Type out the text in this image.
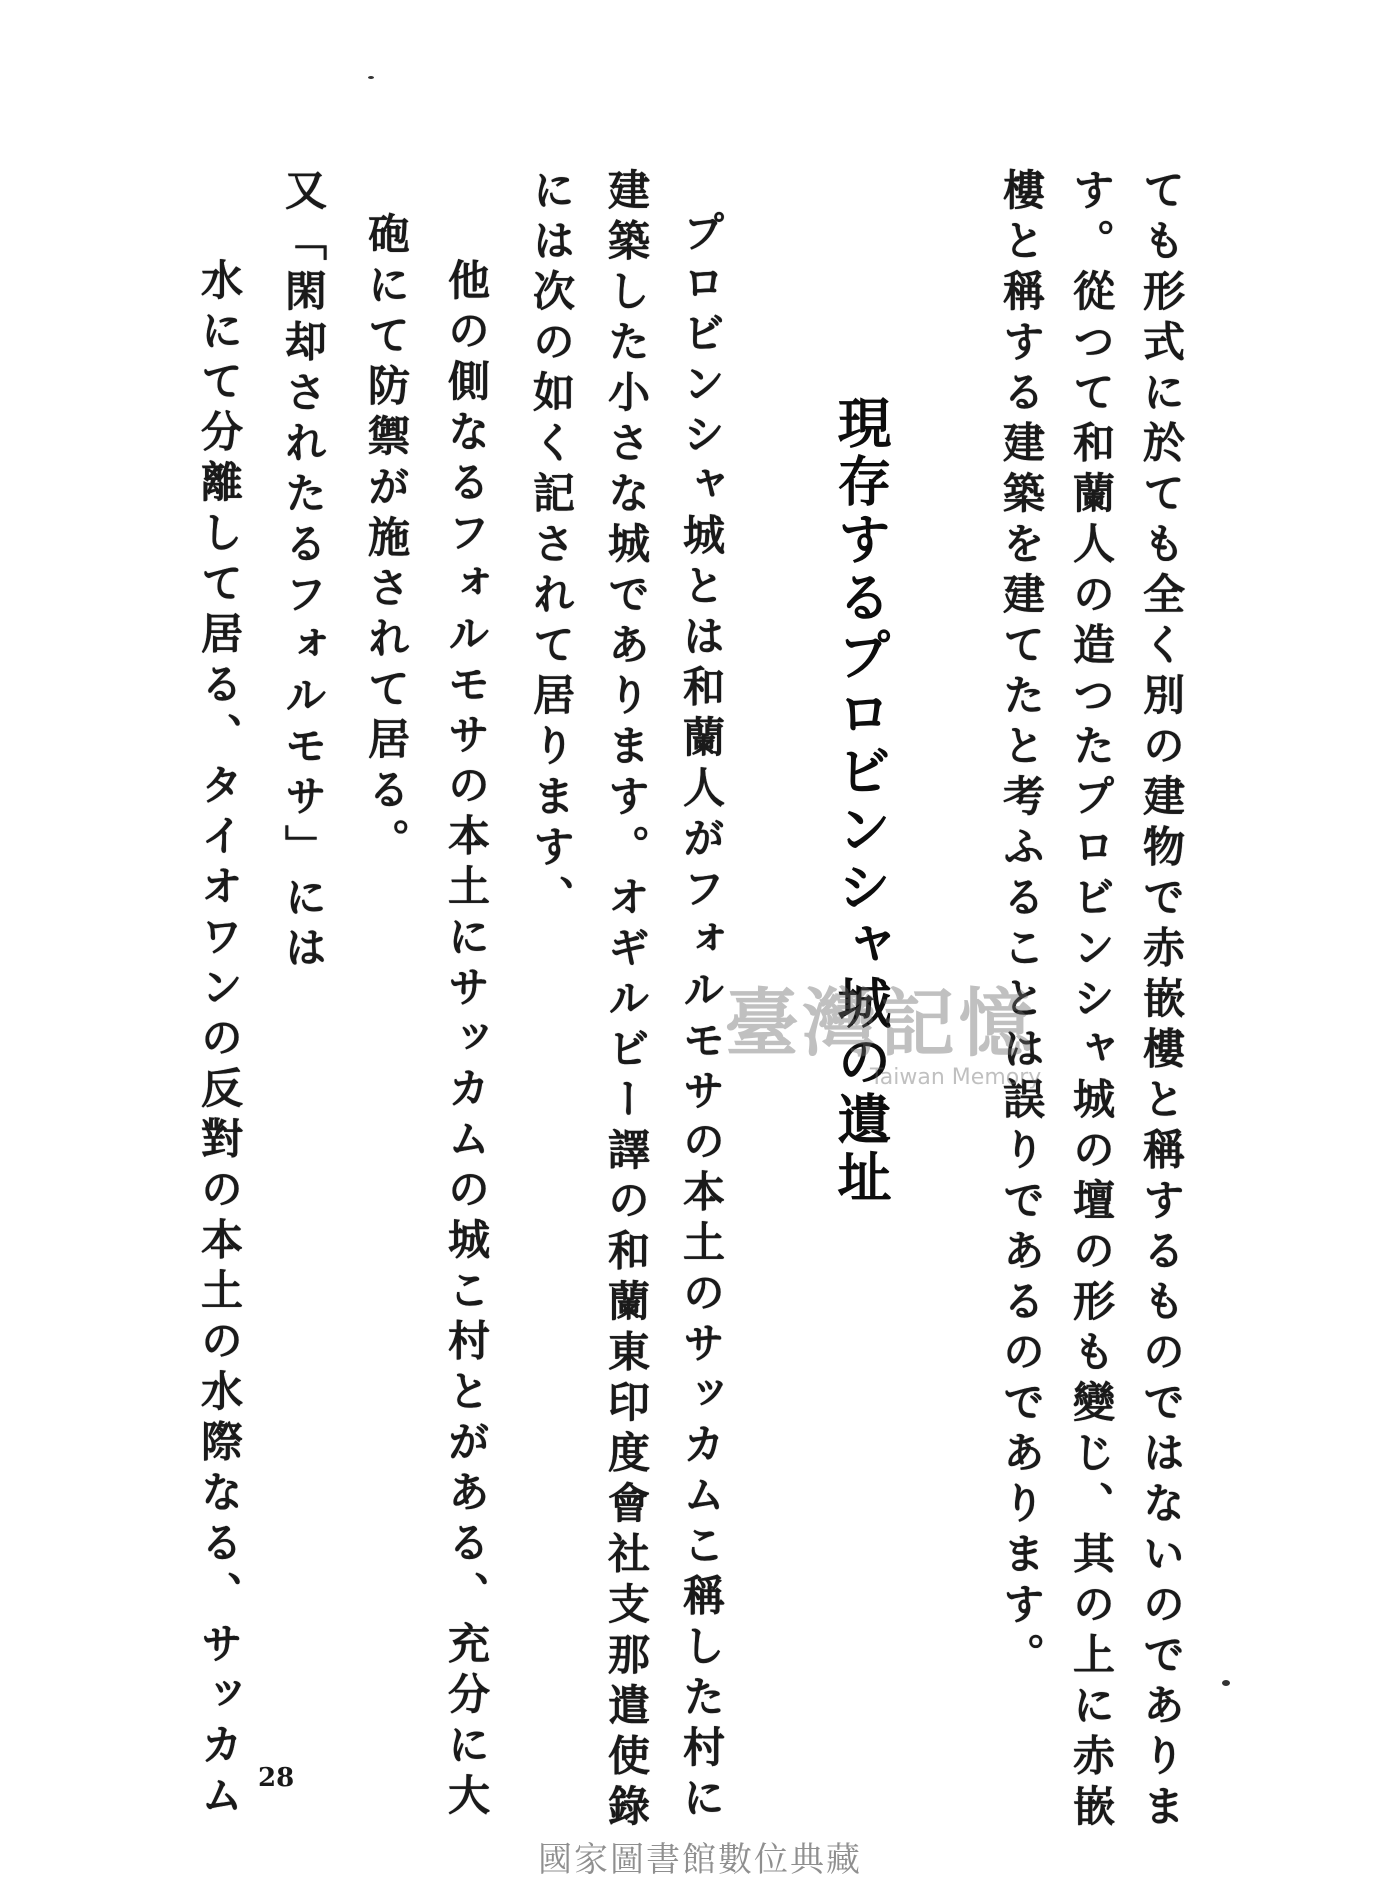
ても形式に於ても全く別の建物で赤嵌樓と稱するものではないのでありま
す。從つて和蘭人の造つたプロビンシャ城の壇の形も變じ、其の上に赤嵌
樓と稱する建築を建てたと考ふることは誤りであるのであります。
現存するプロビンシャ城の遺址
プロビンシャ城とは和蘭人がフォルモサの本土のサッカムこ稱した村に
建築した小さな城であります。オギルビー譯の和蘭東印度會社支那遣使錄
には次の如く記されて居ります、
他の側なるフォルモサの本土にサッカムの城こ村とがある、充分に大
砲にて防禦が施されて居る。
又「閑却されたるフォルモサ」には
水にて分離して居る、タイオワンの反對の本土の水際なる、サッカム	臺灣記憶
Taiwan Memory
28
國家圖書館數位典藏
